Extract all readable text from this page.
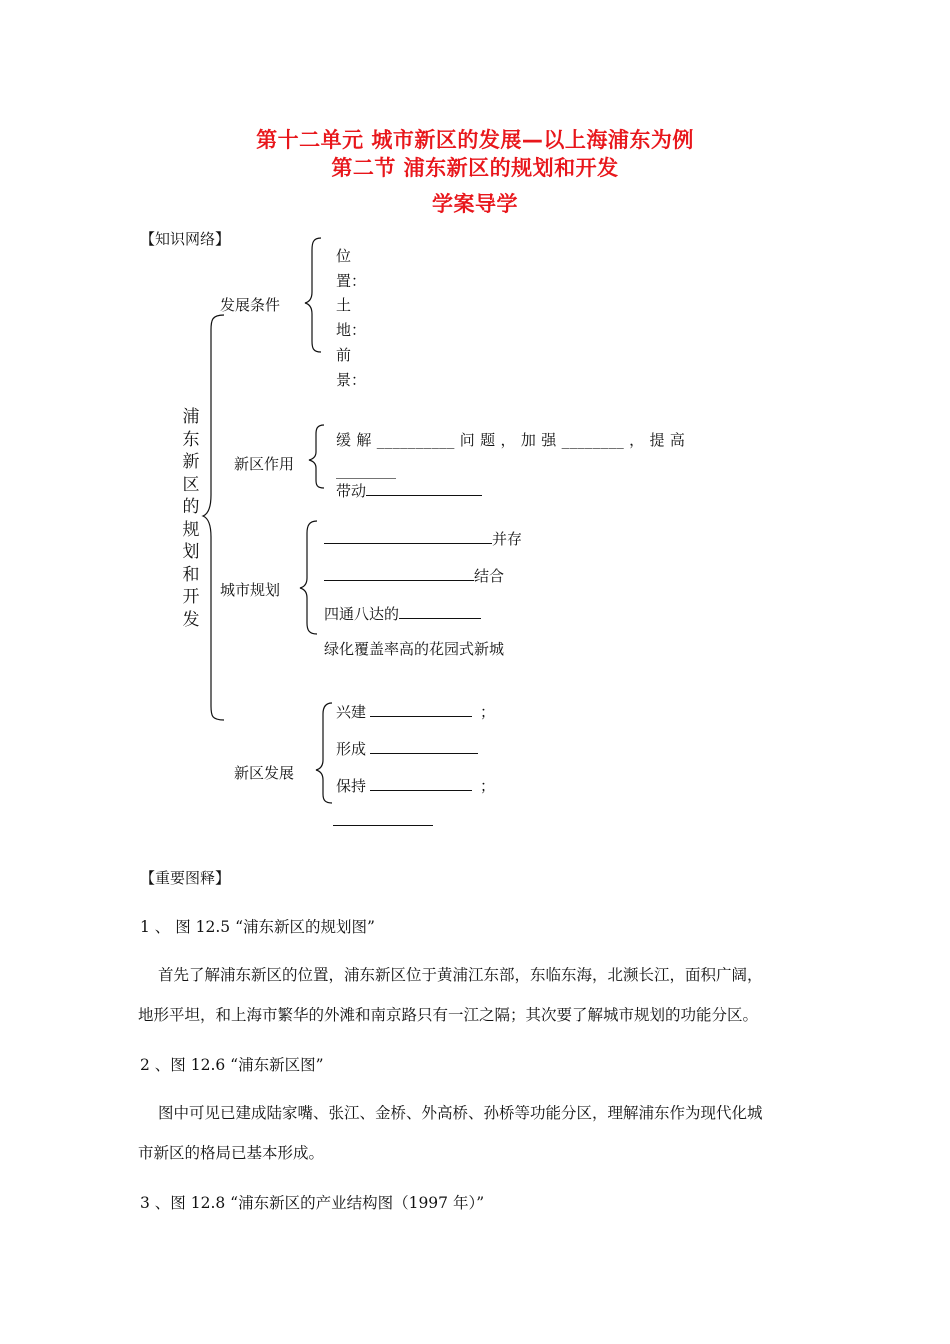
第十二单元 城市新区的发展—以上海浦东为例
第二节 浦东新区的规划和开发
学案导学
【知识网络】
浦东新区的规划和开发
发展条件
位置：
土地：
前景：
新区作用
缓 解 __________ 问 题 ， 加 强 ________ ， 提 高
________
带动
城市规划
并存
结合
四通八达的
绿化覆盖率高的花园式新城
新区发展
兴建	；
形成
保持	；
【重要图释】
1 、 图 12.5 “浦东新区的规划图”
首先了解浦东新区的位置，浦东新区位于黄浦江东部，东临东海，北濒长江，面积广阔，
地形平坦，和上海市繁华的外滩和南京路只有一江之隔；其次要了解城市规划的功能分区。
2 、图 12.6 “浦东新区图”
图中可见已建成陆家嘴、张江、金桥、外高桥、孙桥等功能分区，理解浦东作为现代化城
市新区的格局已基本形成。
3 、图 12.8 “浦东新区的产业结构图（1997 年）”
